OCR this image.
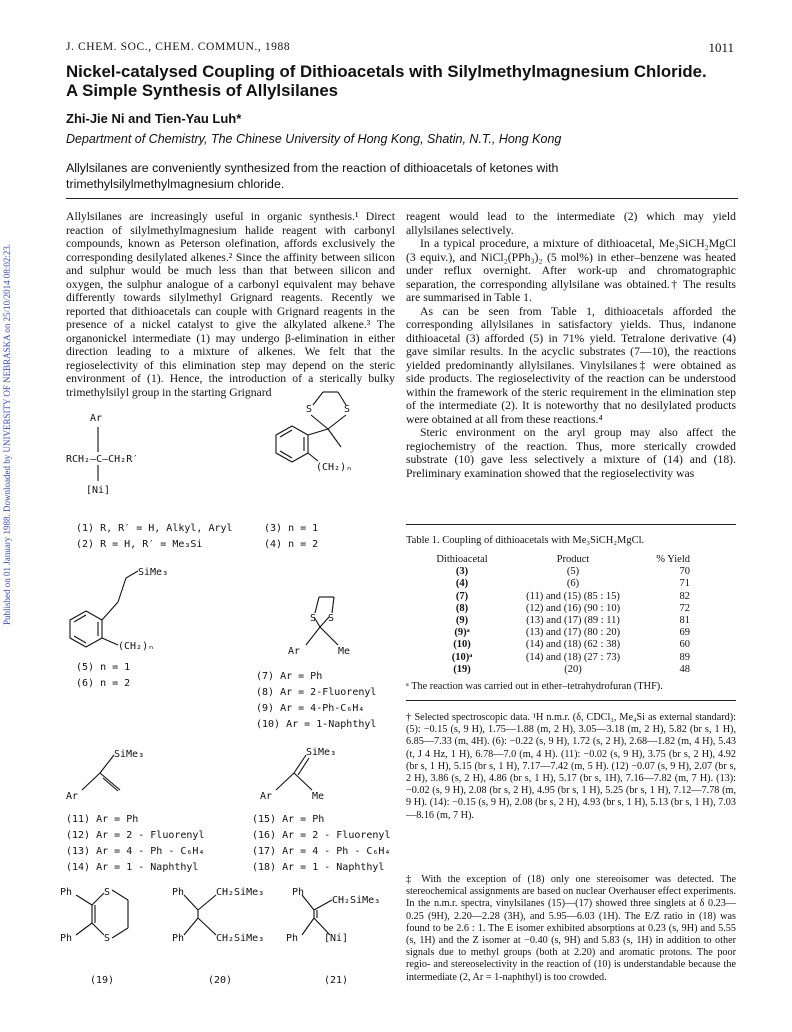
Published on 01 January 1988. Downloaded by UNIVERSITY OF NEBRASKA on 25/10/2014 08:02:23.
J. CHEM. SOC., CHEM. COMMUN., 1988	1011
Nickel-catalysed Coupling of Dithioacetals with Silylmethylmagnesium Chloride.
A Simple Synthesis of Allylsilanes
Zhi-Jie Ni and Tien-Yau Luh*
Department of Chemistry, The Chinese University of Hong Kong, Shatin, N.T., Hong Kong
Allylsilanes are conveniently synthesized from the reaction of dithioacetals of ketones with trimethylsilylmethylmagnesium chloride.

Allylsilanes are increasingly useful in organic synthesis.¹ Direct reaction of silylmethylmagnesium halide reagent with carbonyl compounds, known as Peterson olefination, affords exclusively the corresponding desilylated alkenes.² Since the affinity between silicon and sulphur would be much less than that between silicon and oxygen, the sulphur analogue of a carbonyl equivalent may behave differently towards silylmethyl Grignard reagents. Recently we reported that dithioacetals can couple with Grignard reagents in the presence of a nickel catalyst to give the alkylated alkene.³ The organonickel intermediate (1) may undergo β-elimination in either direction leading to a mixture of alkenes. We felt that the regioselectivity of this elimination step may depend on the steric environment of (1). Hence, the introduction of a sterically bulky trimethylsilyl group in the starting Grignard

reagent would lead to the intermediate (2) which may yield allylsilanes selectively.

In a typical procedure, a mixture of dithioacetal, Me₃SiCH₂MgCl (3 equiv.), and NiCl₂(PPh₃)₂ (5 mol%) in ether–benzene was heated under reflux overnight. After work-up and chromatographic separation, the corresponding allylsilane was obtained.† The results are summarised in Table 1.

As can be seen from Table 1, dithioacetals afforded the corresponding allylsilanes in satisfactory yields. Thus, indanone dithioacetal (3) afforded (5) in 71% yield. Tetralone derivative (4) gave similar results. In the acyclic substrates (7—10), the reactions yielded predominantly allylsilanes. Vinylsilanes‡ were obtained as side products. The regioselectivity of the reaction can be understood within the framework of the steric requirement in the elimination step of the intermediate (2). It is noteworthy that no desilylated products were obtained at all from these reactions.⁴

Steric environment on the aryl group may also affect the regiochemistry of the reaction. Thus, more sterically crowded substrate (10) gave less selectively a mixture of (14) and (18). Preliminary examination showed that the regioselectivity was

Ar
RCH₂—C—CH₂R′
[Ni]
(1) R, R′ = H, Alkyl, Aryl
(2) R = H, R′ = Me₃Si
S	S
(CH₂)ₙ
(3) n = 1
(4) n = 2
SiMe₃
(CH₂)ₙ
(5) n = 1
(6) n = 2
S S
Ar	Me
(7) Ar = Ph
(8) Ar = 2-Fluorenyl
(9) Ar = 4-Ph-C₆H₄
(10) Ar = 1-Naphthyl
SiMe₃
Ar
SiMe₃
Ar	Me
(11) Ar = Ph
(12) Ar = 2 - Fluorenyl
(13) Ar = 4 - Ph - C₆H₄
(14) Ar = 1 - Naphthyl
(15) Ar = Ph
(16) Ar = 2 - Fluorenyl
(17) Ar = 4 - Ph - C₆H₄
(18) Ar = 1 - Naphthyl
Ph
Ph
S
S
Ph
Ph
CH₂SiMe₃
CH₂SiMe₃
Ph
Ph
CH₂SiMe₃
[Ni]
(19)	(20)	(21)
Table 1. Coupling of dithioacetals with Me₃SiCH₂MgCl.
Dithioacetal	Product	% Yield
(3)	(5)	70
(4)	(6)	71
(7)	(11) and (15) (85 : 15)	82
(8)	(12) and (16) (90 : 10)	72
(9)	(13) and (17) (89 : 11)	81
(9)ᵃ	(13) and (17) (80 : 20)	69
(10)	(14) and (18) (62 : 38)	60
(10)ᵃ	(14) and (18) (27 : 73)	89
(19)	(20)	48
ᵃ The reaction was carried out in ether–tetrahydrofuran (THF).
† Selected spectroscopic data. ¹H n.m.r. (δ, CDCl₃, Me₄Si as external standard): (5): −0.15 (s, 9 H), 1.75—1.88 (m, 2 H), 3.05—3.18 (m, 2 H), 5.82 (br s, 1 H), 6.85—7.33 (m, 4H). (6): −0.22 (s, 9 H), 1.72 (s, 2 H), 2.68—1.82 (m, 4 H), 5.43 (t, J 4 Hz, 1 H), 6.78—7.0 (m, 4 H). (11): −0.02 (s, 9 H), 3.75 (br s, 2 H), 4.92 (br s, 1 H), 5.15 (br s, 1 H), 7.17—7.42 (m, 5 H). (12) −0.07 (s, 9 H), 2.07 (br s, 2 H), 3.86 (s, 2 H), 4.86 (br s, 1 H), 5.17 (br s, 1H), 7.16—7.82 (m, 7 H). (13): −0.02 (s, 9 H), 2.08 (br s, 2 H), 4.95 (br s, 1 H), 5.25 (br s, 1 H), 7.12—7.78 (m, 9 H). (14): −0.15 (s, 9 H), 2.08 (br s, 2 H), 4.93 (br s, 1 H), 5.13 (br s, 1 H), 7.03—8.16 (m, 7 H).
‡ With the exception of (18) only one stereoisomer was detected. The stereochemical assignments are based on nuclear Overhauser effect experiments. In the n.m.r. spectra, vinylsilanes (15)—(17) showed three singlets at δ 0.23—0.25 (9H), 2.20—2.28 (3H), and 5.95—6.03 (1H). The E/Z ratio in (18) was found to be 2.6 : 1. The E isomer exhibited absorptions at 0.23 (s, 9H) and 5.55 (s, 1H) and the Z isomer at −0.40 (s, 9H) and 5.83 (s, 1H) in addition to other signals due to methyl groups (both at 2.20) and aromatic protons. The poor regio- and stereoselectivity in the reaction of (10) is understandable because the intermediate (2, Ar = 1-naphthyl) is too crowded.
